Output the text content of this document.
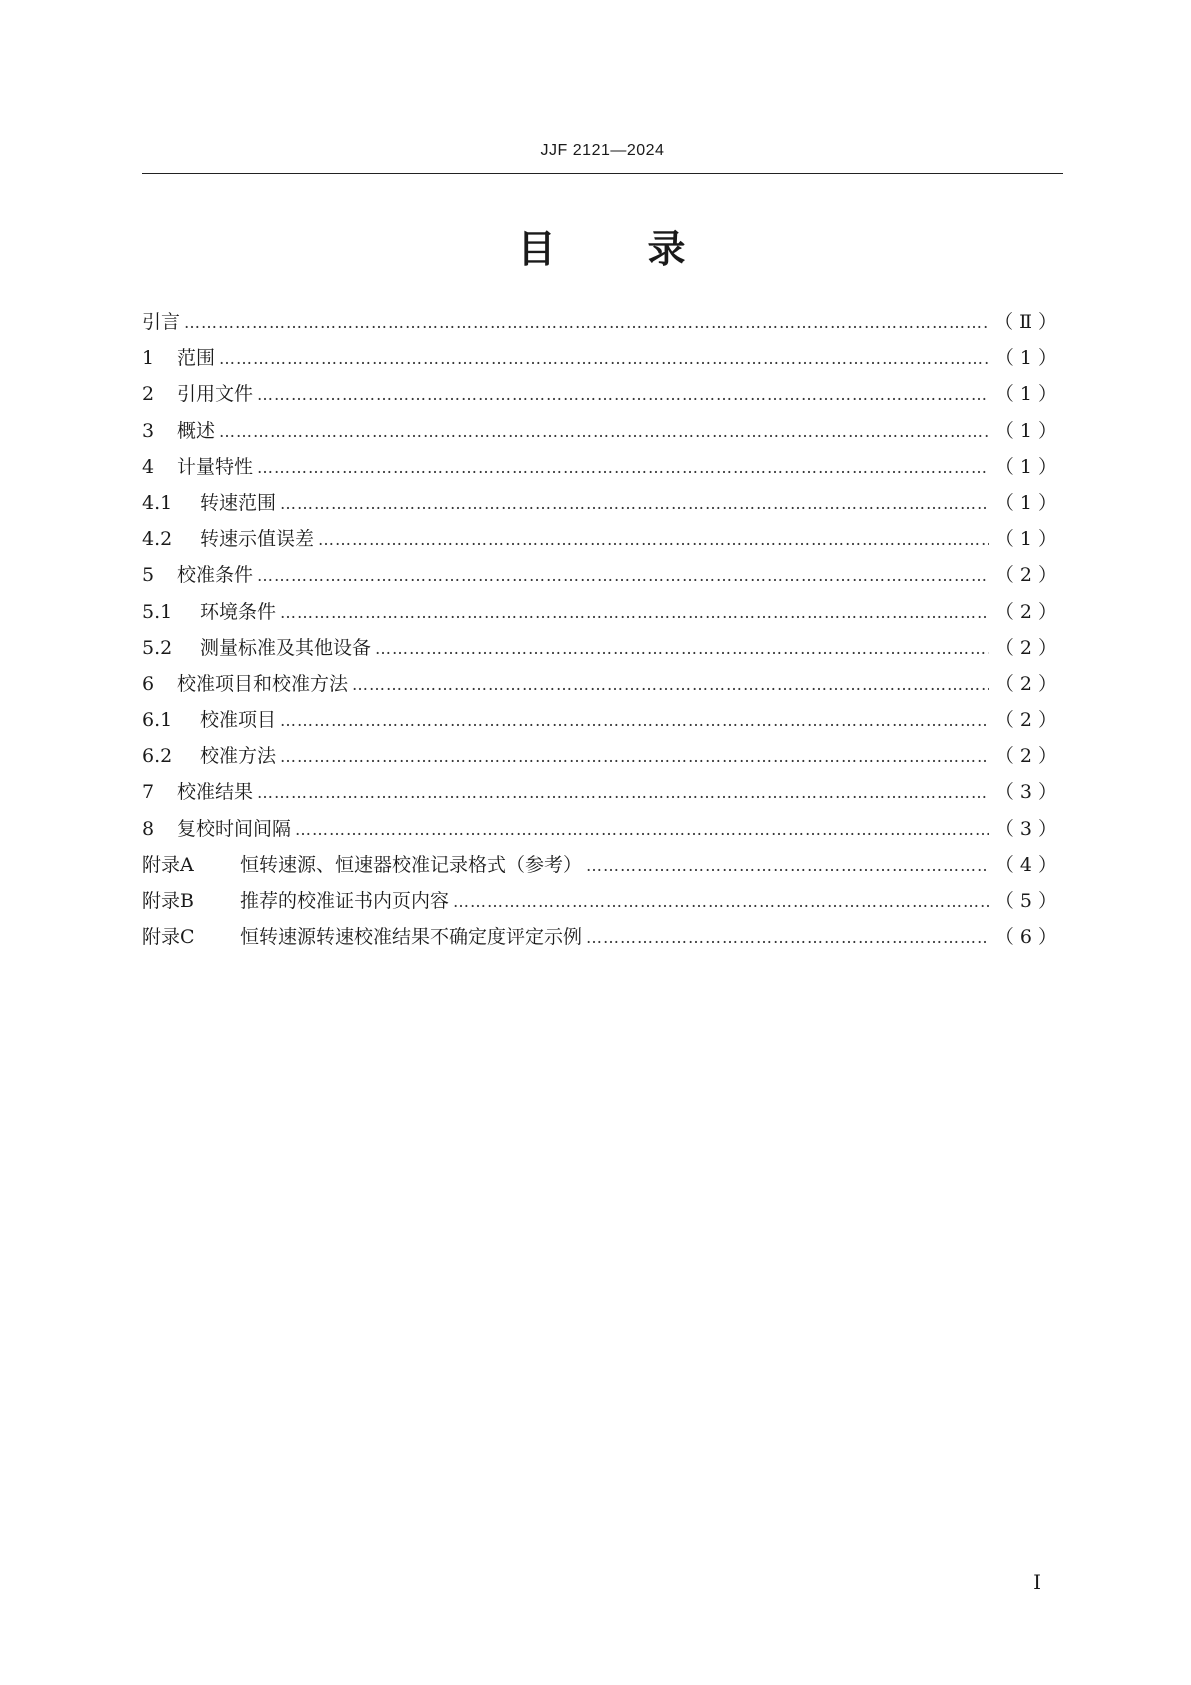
JJF 2121—2024
目 录
引言 ………………………………………………………………………………………………………………………………………………………………………………………………………………………………	（Ⅱ）
1	范围 ………………………………………………………………………………………………………………………………………………………………………………………………………………………………	（1）
2	引用文件 ………………………………………………………………………………………………………………………………………………………………………………………………………………………………	（1）
3	概述 ………………………………………………………………………………………………………………………………………………………………………………………………………………………………	（1）
4	计量特性 ………………………………………………………………………………………………………………………………………………………………………………………………………………………………	（1）
4.1	转速范围 ………………………………………………………………………………………………………………………………………………………………………………………………………………………………	（1）
4.2	转速示值误差 ………………………………………………………………………………………………………………………………………………………………………………………………………………………………	（1）
5	校准条件 ………………………………………………………………………………………………………………………………………………………………………………………………………………………………	（2）
5.1	环境条件 ………………………………………………………………………………………………………………………………………………………………………………………………………………………………	（2）
5.2	测量标准及其他设备 ………………………………………………………………………………………………………………………………………………………………………………………………………………………………	（2）
6	校准项目和校准方法 ………………………………………………………………………………………………………………………………………………………………………………………………………………………………	（2）
6.1	校准项目 ………………………………………………………………………………………………………………………………………………………………………………………………………………………………	（2）
6.2	校准方法 ………………………………………………………………………………………………………………………………………………………………………………………………………………………………	（2）
7	校准结果 ………………………………………………………………………………………………………………………………………………………………………………………………………………………………	（3）
8	复校时间间隔 ………………………………………………………………………………………………………………………………………………………………………………………………………………………………	（3）
附录A	恒转速源、恒速器校准记录格式（参考） ………………………………………………………………………………………………………………………………………………………………………………………………………………………………	（4）
附录B	推荐的校准证书内页内容 ………………………………………………………………………………………………………………………………………………………………………………………………………………………………	（5）
附录C	恒转速源转速校准结果不确定度评定示例 ………………………………………………………………………………………………………………………………………………………………………………………………………………………………	（6）
I
